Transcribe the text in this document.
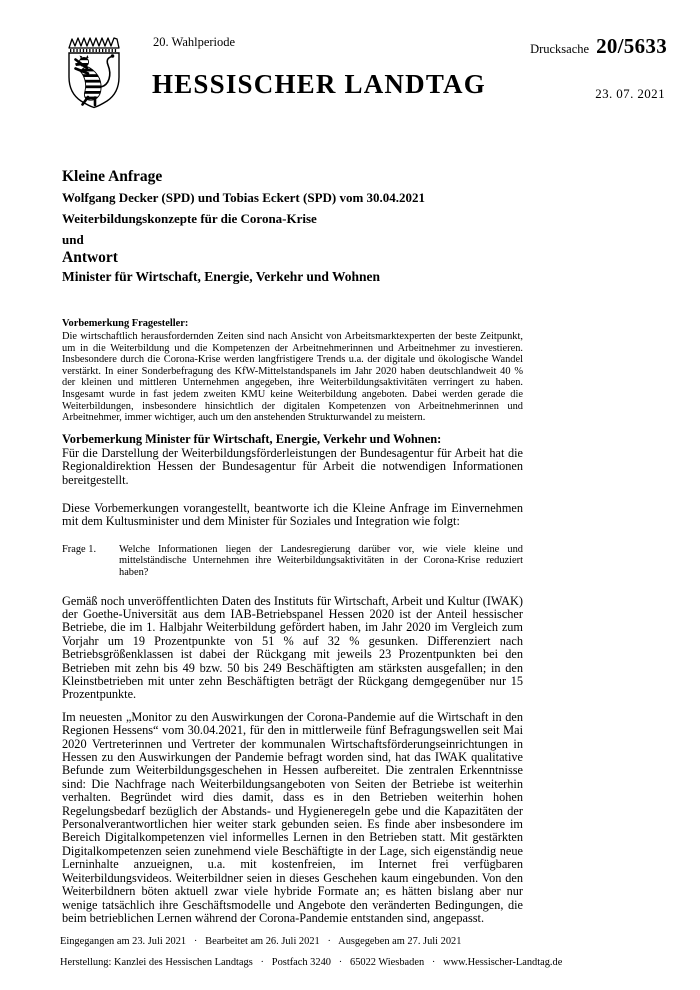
20. Wahlperiode
HESSISCHER LANDTAG
Drucksache 20/5633
23. 07. 2021
Kleine Anfrage
Wolfgang Decker (SPD) und Tobias Eckert (SPD) vom 30.04.2021
Weiterbildungskonzepte für die Corona-Krise
und
Antwort
Minister für Wirtschaft, Energie, Verkehr und Wohnen

Vorbemerkung Fragesteller:

Die wirtschaftlich herausfordernden Zeiten sind nach Ansicht von Arbeitsmarktexperten der beste Zeitpunkt, um in die Weiterbildung und die Kompetenzen der Arbeitnehmerinnen und Arbeitnehmer zu investieren. Insbesondere durch die Corona-Krise werden langfristigere Trends u.a. der digitale und ökologische Wandel verstärkt. In einer Sonderbefragung des KfW-Mittelstandspanels im Jahr 2020 haben deutschlandweit 40 % der kleinen und mittleren Unternehmen angegeben, ihre Weiterbildungsaktivitäten verringert zu haben. Insgesamt wurde in fast jedem zweiten KMU keine Weiterbildung angeboten. Dabei werden gerade die Weiterbildungen, insbesondere hinsichtlich der digitalen Kompetenzen von Arbeitnehmerinnen und Arbeitnehmer, immer wichtiger, auch um den anstehenden Strukturwandel zu meistern.

Vorbemerkung Minister für Wirtschaft, Energie, Verkehr und Wohnen:

Für die Darstellung der Weiterbildungsförderleistungen der Bundesagentur für Arbeit hat die Regionaldirektion Hessen der Bundesagentur für Arbeit die notwendigen Informationen bereitgestellt.

Diese Vorbemerkungen vorangestellt, beantworte ich die Kleine Anfrage im Einvernehmen mit dem Kultusminister und dem Minister für Soziales und Integration wie folgt:

Frage 1.	Welche Informationen liegen der Landesregierung darüber vor, wie viele kleine und mittelständische Unternehmen ihre Weiterbildungsaktivitäten in der Corona-Krise reduziert haben?

Gemäß noch unveröffentlichten Daten des Instituts für Wirtschaft, Arbeit und Kultur (IWAK) der Goethe-Universität aus dem IAB-Betriebspanel Hessen 2020 ist der Anteil hessischer Betriebe, die im 1. Halbjahr Weiterbildung gefördert haben, im Jahr 2020 im Vergleich zum Vorjahr um 19 Prozentpunkte von 51 % auf 32 % gesunken. Differenziert nach Betriebsgrößenklassen ist dabei der Rückgang mit jeweils 23 Prozentpunkten bei den Betrieben mit zehn bis 49 bzw. 50 bis 249 Beschäftigten am stärksten ausgefallen; in den Kleinstbetrieben mit unter zehn Beschäftigten beträgt der Rückgang demgegenüber nur 15 Prozentpunkte.

Im neuesten „Monitor zu den Auswirkungen der Corona-Pandemie auf die Wirtschaft in den Regionen Hessens“ vom 30.04.2021, für den in mittlerweile fünf Befragungswellen seit Mai 2020 Vertreterinnen und Vertreter der kommunalen Wirtschaftsförderungseinrichtungen in Hessen zu den Auswirkungen der Pandemie befragt worden sind, hat das IWAK qualitative Befunde zum Weiterbildungsgeschehen in Hessen aufbereitet. Die zentralen Erkenntnisse sind: Die Nachfrage nach Weiterbildungsangeboten von Seiten der Betriebe ist weiterhin verhalten. Begründet wird dies damit, dass es in den Betrieben weiterhin hohen Regelungsbedarf bezüglich der Abstands- und Hygieneregeln gebe und die Kapazitäten der Personalverantwortlichen hier weiter stark gebunden seien. Es finde aber insbesondere im Bereich Digitalkompetenzen viel informelles Lernen in den Betrieben statt. Mit gestärkten Digitalkompetenzen seien zunehmend viele Beschäftigte in der Lage, sich eigenständig neue Lerninhalte anzueignen, u.a. mit kostenfreien, im Internet frei verfügbaren Weiterbildungsvideos. Weiterbildner seien in dieses Geschehen kaum eingebunden. Von den Weiterbildnern böten aktuell zwar viele hybride Formate an; es hätten bislang aber nur wenige tatsächlich ihre Geschäftsmodelle und Angebote den veränderten Bedingungen, die beim betrieblichen Lernen während der Corona-Pandemie entstanden sind, angepasst.

Eingegangen am 23. Juli 2021   ·   Bearbeitet am 26. Juli 2021   ·   Ausgegeben am 27. Juli 2021
Herstellung: Kanzlei des Hessischen Landtags   ·   Postfach 3240   ·   65022 Wiesbaden   ·   www.Hessischer-Landtag.de
